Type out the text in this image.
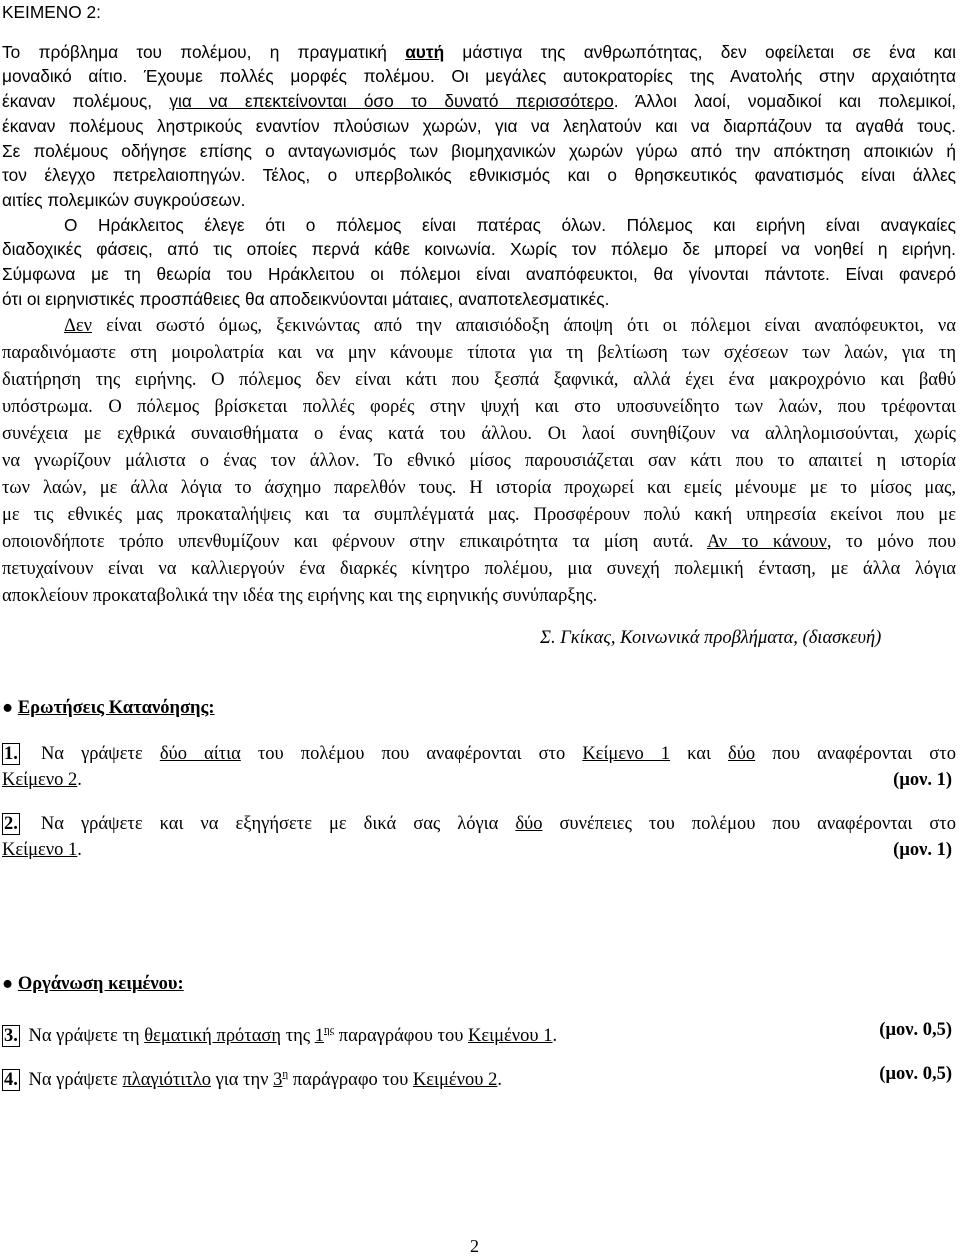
ΚΕΙΜΕΝΟ 2:
Το πρόβλημα του πολέμου, η πραγματική αυτή μάστιγα της ανθρωπότητας, δεν οφείλεται σε ένα και
μοναδικό αίτιο. Έχουμε πολλές μορφές πολέμου. Οι μεγάλες αυτοκρατορίες της Ανατολής στην αρχαιότητα
έκαναν πολέμους, για να επεκτείνονται όσο το δυνατό περισσότερο. Άλλοι λαοί, νομαδικοί και πολεμικοί,
έκαναν πολέμους ληστρικούς εναντίον πλούσιων χωρών, για να λεηλατούν και να διαρπάζουν τα αγαθά τους.
Σε πολέμους οδήγησε επίσης ο ανταγωνισμός των βιομηχανικών χωρών γύρω από την απόκτηση αποικιών ή
τον έλεγχο πετρελαιοπηγών. Τέλος, ο υπερβολικός εθνικισμός και ο θρησκευτικός φανατισμός είναι άλλες
αιτίες πολεμικών συγκρούσεων.
Ο Ηράκλειτος έλεγε ότι ο πόλεμος είναι πατέρας όλων. Πόλεμος και ειρήνη είναι αναγκαίες
διαδοχικές φάσεις, από τις οποίες περνά κάθε κοινωνία. Χωρίς τον πόλεμο δε μπορεί να νοηθεί η ειρήνη.
Σύμφωνα με τη θεωρία του Ηράκλειτου οι πόλεμοι είναι αναπόφευκτοι, θα γίνονται πάντοτε. Είναι φανερό
ότι οι ειρηνιστικές προσπάθειες θα αποδεικνύονται μάταιες, αναποτελεσματικές.
Δεν είναι σωστό όμως, ξεκινώντας από την απαισιόδοξη άποψη ότι οι πόλεμοι είναι αναπόφευκτοι, να
παραδινόμαστε στη μοιρολατρία και να μην κάνουμε τίποτα για τη βελτίωση των σχέσεων των λαών, για τη
διατήρηση της ειρήνης. Ο πόλεμος δεν είναι κάτι που ξεσπά ξαφνικά, αλλά έχει ένα μακροχρόνιο και βαθύ
υπόστρωμα. Ο πόλεμος βρίσκεται πολλές φορές στην ψυχή και στο υποσυνείδητο των λαών, που τρέφονται
συνέχεια με εχθρικά συναισθήματα ο ένας κατά του άλλου. Οι λαοί συνηθίζουν να αλληλομισούνται, χωρίς
να γνωρίζουν μάλιστα ο ένας τον άλλον. Το εθνικό μίσος παρουσιάζεται σαν κάτι που το απαιτεί η ιστορία
των λαών, με άλλα λόγια το άσχημο παρελθόν τους. Η ιστορία προχωρεί και εμείς μένουμε με το μίσος μας,
με τις εθνικές μας προκαταλήψεις και τα συμπλέγματά μας. Προσφέρουν πολύ κακή υπηρεσία εκείνοι που με
οποιονδήποτε τρόπο υπενθυμίζουν και φέρνουν στην επικαιρότητα τα μίση αυτά. Αν το κάνουν, το μόνο που
πετυχαίνουν είναι να καλλιεργούν ένα διαρκές κίνητρο πολέμου, μια συνεχή πολεμική ένταση, με άλλα λόγια
αποκλείουν προκαταβολικά την ιδέα της ειρήνης και της ειρηνικής συνύπαρξης.
Σ. Γκίκας, Κοινωνικά προβλήματα, (διασκευή)
● Ερωτήσεις Κατανόησης:
1. Να γράψετε δύο αίτια του πολέμου που αναφέρονται στο Κείμενο 1 και δύο που αναφέρονται στο
Κείμενο 2.	(μον. 1)
2. Να γράψετε και να εξηγήσετε με δικά σας λόγια δύο συνέπειες του πολέμου που αναφέρονται στο
Κείμενο 1.	(μον. 1)
● Οργάνωση κειμένου:
3. Να γράψετε τη θεματική πρόταση της $1^{\eta\varsigma}$ παραγράφου του Κειμένου 1.	(μον. 0,5)
4. Να γράψετε πλαγιότιτλο για την $3^\eta$ παράγραφο του Κειμένου 2.	(μον. 0,5)
2
